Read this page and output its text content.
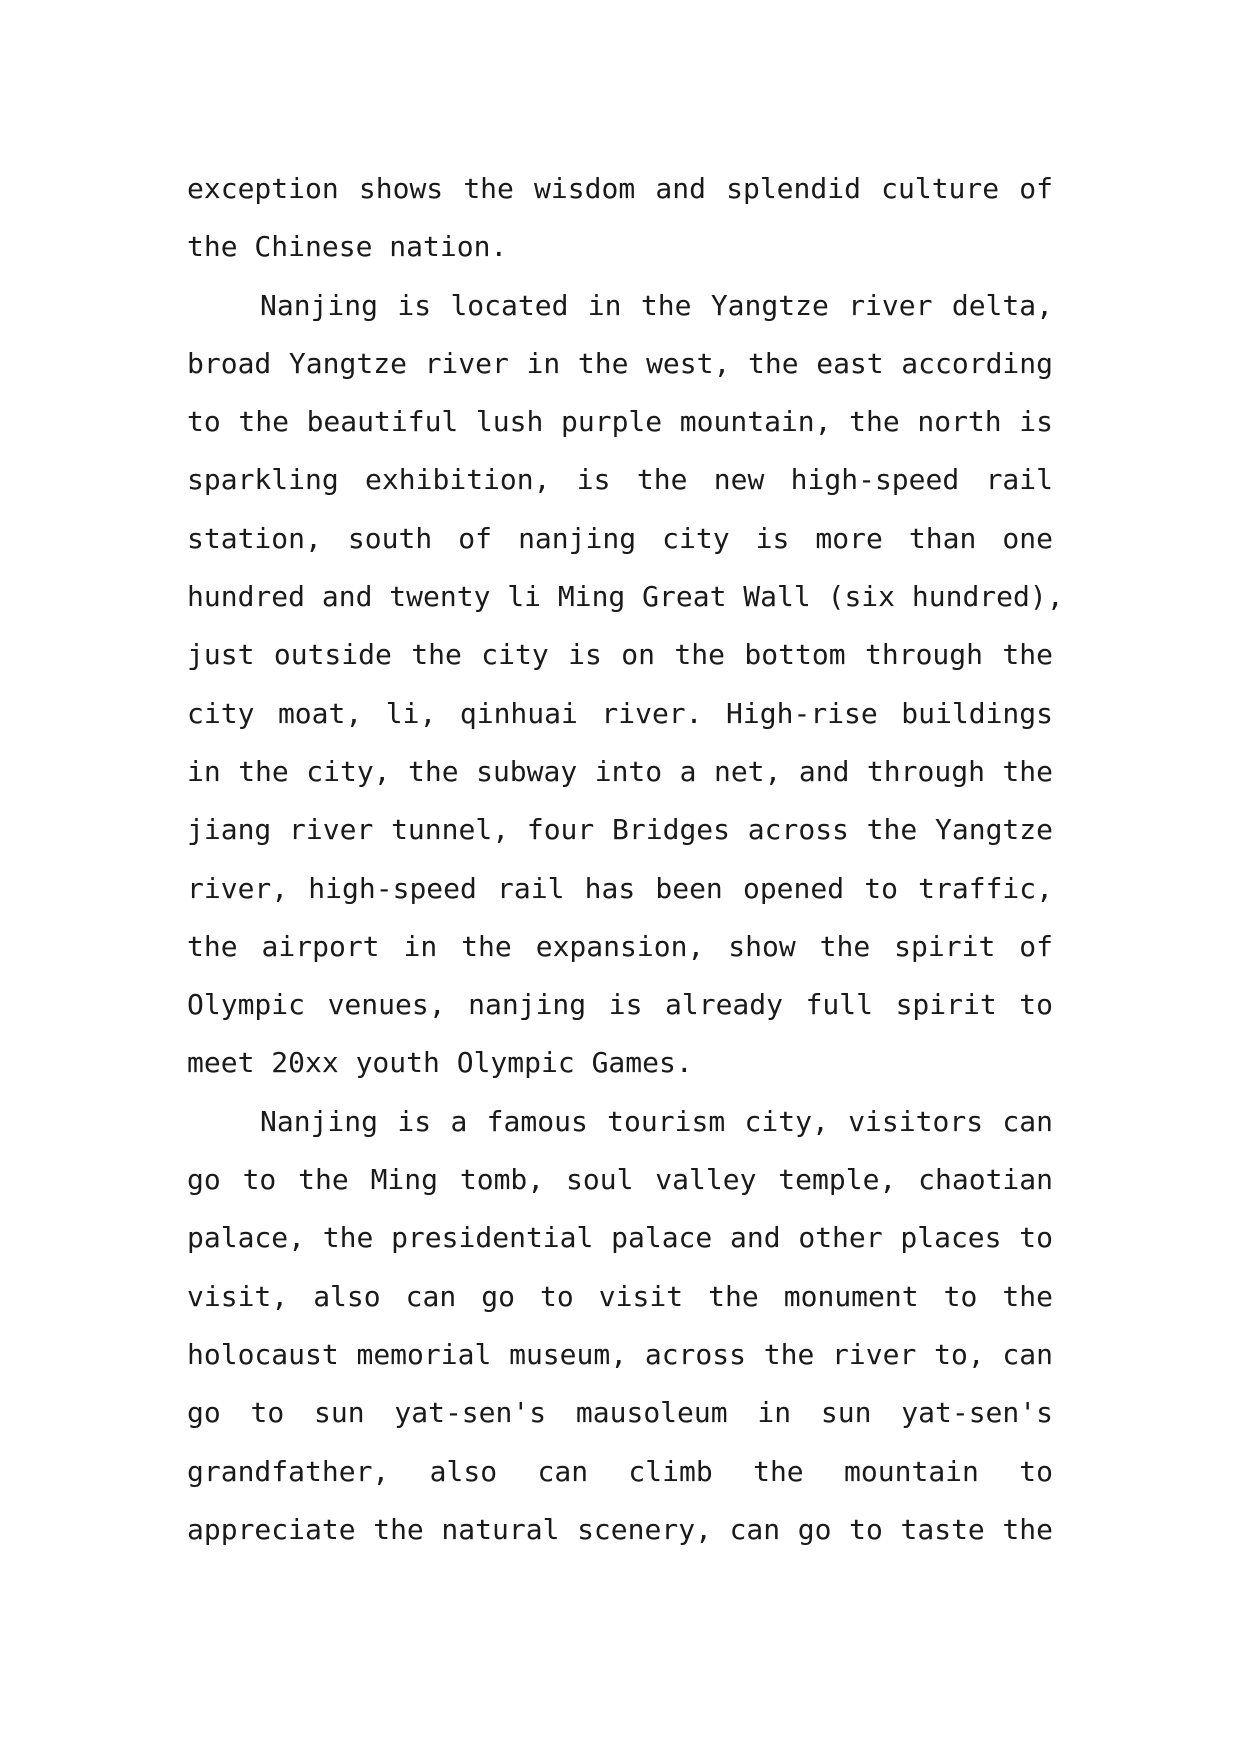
exception shows the wisdom and splendid culture of
the Chinese nation.
Nanjing is located in the Yangtze river delta,
broad Yangtze river in the west, the east according
to the beautiful lush purple mountain, the north is
sparkling exhibition, is the new high-speed rail
station, south of nanjing city is more than one
hundred and twenty li Ming Great Wall (six hundred),
just outside the city is on the bottom through the
city moat, li, qinhuai river. High-rise buildings
in the city, the subway into a net, and through the
jiang river tunnel, four Bridges across the Yangtze
river, high-speed rail has been opened to traffic,
the airport in the expansion, show the spirit of
Olympic venues, nanjing is already full spirit to
meet 20xx youth Olympic Games.
Nanjing is a famous tourism city, visitors can
go to the Ming tomb, soul valley temple, chaotian
palace, the presidential palace and other places to
visit, also can go to visit the monument to the
holocaust memorial museum, across the river to, can
go to sun yat-sen's mausoleum in sun yat-sen's
grandfather, also can climb the mountain to
appreciate the natural scenery, can go to taste the
